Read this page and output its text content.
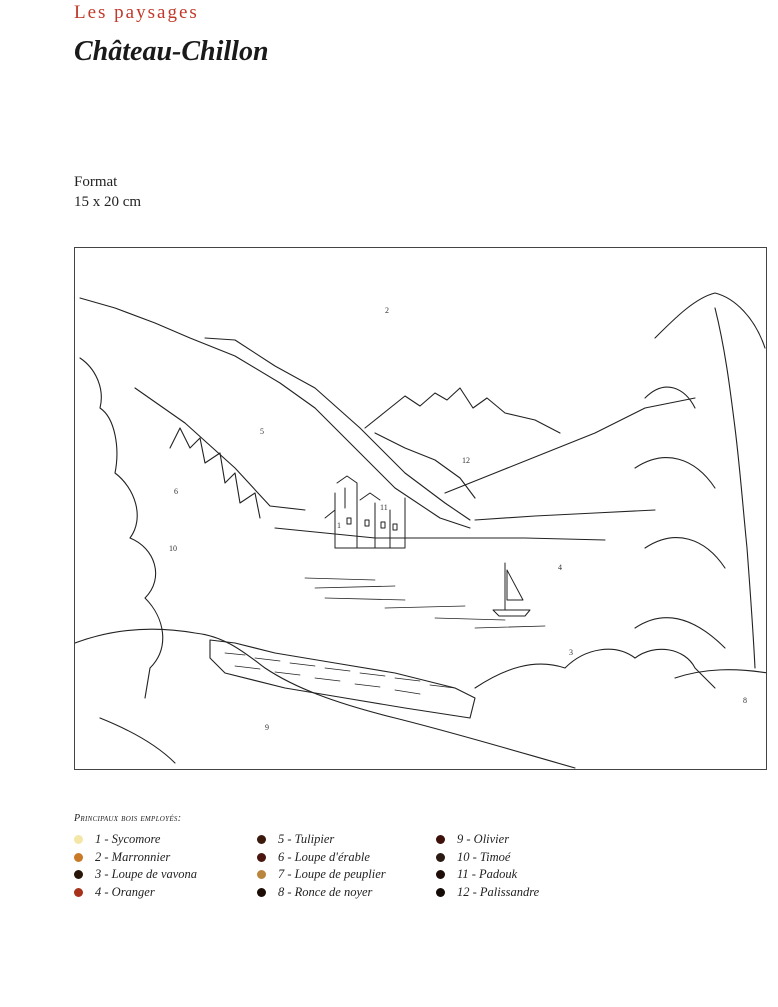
Les paysages
Château-Chillon
Format
15 x 20 cm
2
5
12
6
1
11
10
4
3
9
8
Principaux bois employés:
1 - Sycomore
2 - Marronnier
3 - Loupe de vavona
4 - Oranger
5 - Tulipier
6 - Loupe d'érable
7 - Loupe de peuplier
8 - Ronce de noyer
9 - Olivier
10 - Timoé
11 - Padouk
12 - Palissandre
